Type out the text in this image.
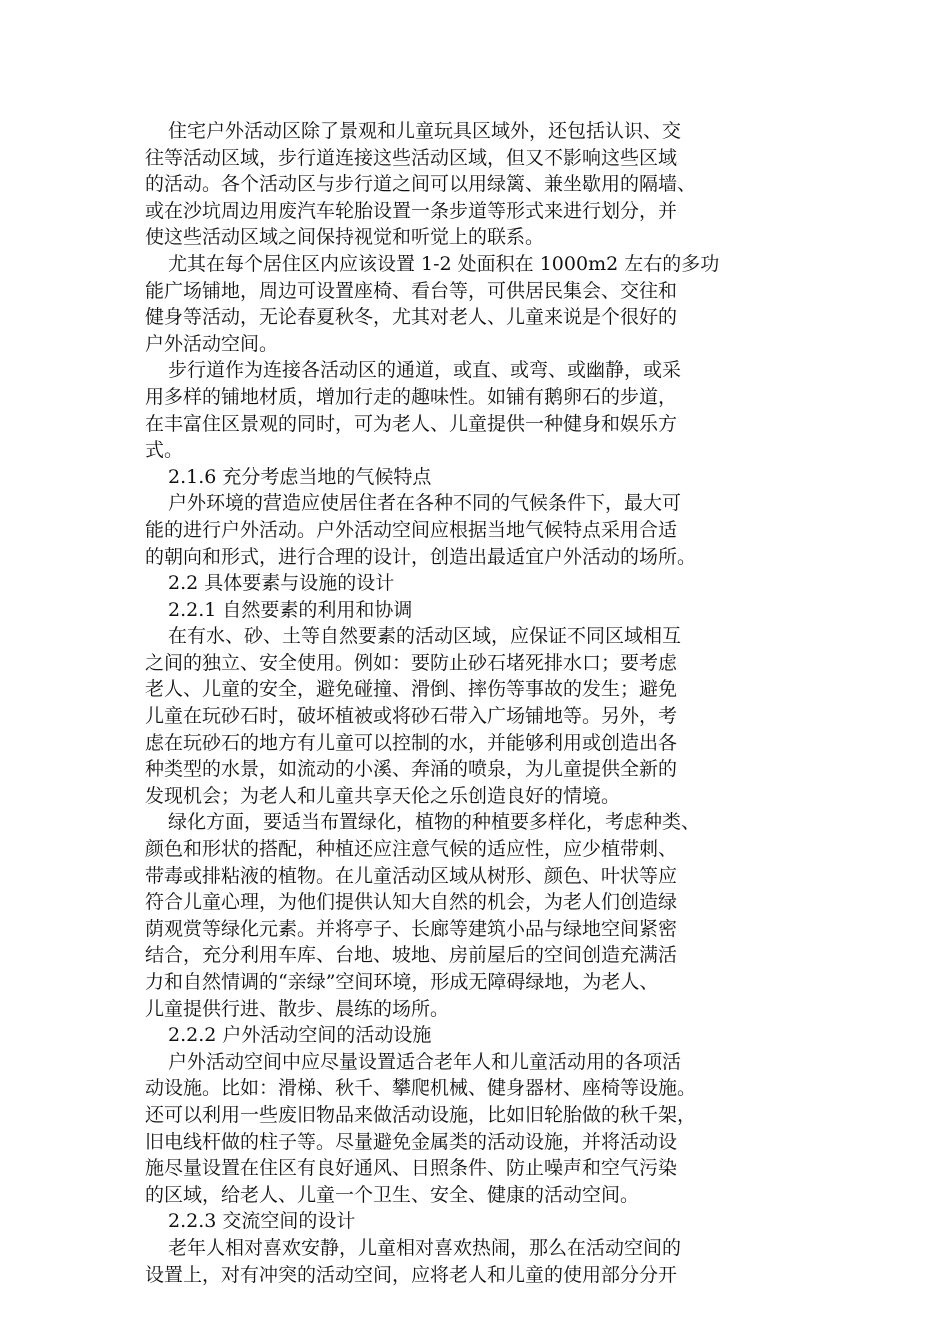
住宅户外活动区除了景观和儿童玩具区域外，还包括认识、交
往等活动区域，步行道连接这些活动区域，但又不影响这些区域
的活动。各个活动区与步行道之间可以用绿篱、兼坐歇用的隔墙、
或在沙坑周边用废汽车轮胎设置一条步道等形式来进行划分，并
使这些活动区域之间保持视觉和听觉上的联系。
尤其在每个居住区内应该设置 1-2 处面积在 1000m2 左右的多功
能广场铺地，周边可设置座椅、看台等，可供居民集会、交往和
健身等活动，无论春夏秋冬，尤其对老人、儿童来说是个很好的
户外活动空间。
步行道作为连接各活动区的通道，或直、或弯、或幽静，或采
用多样的铺地材质，增加行走的趣味性。如铺有鹅卵石的步道，
在丰富住区景观的同时，可为老人、儿童提供一种健身和娱乐方
式。
2.1.6 充分考虑当地的气候特点
户外环境的营造应使居住者在各种不同的气候条件下，最大可
能的进行户外活动。户外活动空间应根据当地气候特点采用合适
的朝向和形式，进行合理的设计，创造出最适宜户外活动的场所。
2.2 具体要素与设施的设计
2.2.1 自然要素的利用和协调
在有水、砂、土等自然要素的活动区域，应保证不同区域相互
之间的独立、安全使用。例如：要防止砂石堵死排水口；要考虑
老人、儿童的安全，避免碰撞、滑倒、摔伤等事故的发生；避免
儿童在玩砂石时，破坏植被或将砂石带入广场铺地等。另外，考
虑在玩砂石的地方有儿童可以控制的水，并能够利用或创造出各
种类型的水景，如流动的小溪、奔涌的喷泉，为儿童提供全新的
发现机会；为老人和儿童共享天伦之乐创造良好的情境。
绿化方面，要适当布置绿化，植物的种植要多样化，考虑种类、
颜色和形状的搭配，种植还应注意气候的适应性，应少植带刺、
带毒或排粘液的植物。在儿童活动区域从树形、颜色、叶状等应
符合儿童心理，为他们提供认知大自然的机会，为老人们创造绿
荫观赏等绿化元素。并将亭子、长廊等建筑小品与绿地空间紧密
结合，充分利用车库、台地、坡地、房前屋后的空间创造充满活
力和自然情调的“亲绿”空间环境，形成无障碍绿地，为老人、
儿童提供行进、散步、晨练的场所。
2.2.2 户外活动空间的活动设施
户外活动空间中应尽量设置适合老年人和儿童活动用的各项活
动设施。比如：滑梯、秋千、攀爬机械、健身器材、座椅等设施。
还可以利用一些废旧物品来做活动设施，比如旧轮胎做的秋千架，
旧电线杆做的柱子等。尽量避免金属类的活动设施，并将活动设
施尽量设置在住区有良好通风、日照条件、防止噪声和空气污染
的区域，给老人、儿童一个卫生、安全、健康的活动空间。
2.2.3 交流空间的设计
老年人相对喜欢安静，儿童相对喜欢热闹，那么在活动空间的
设置上，对有冲突的活动空间，应将老人和儿童的使用部分分开
